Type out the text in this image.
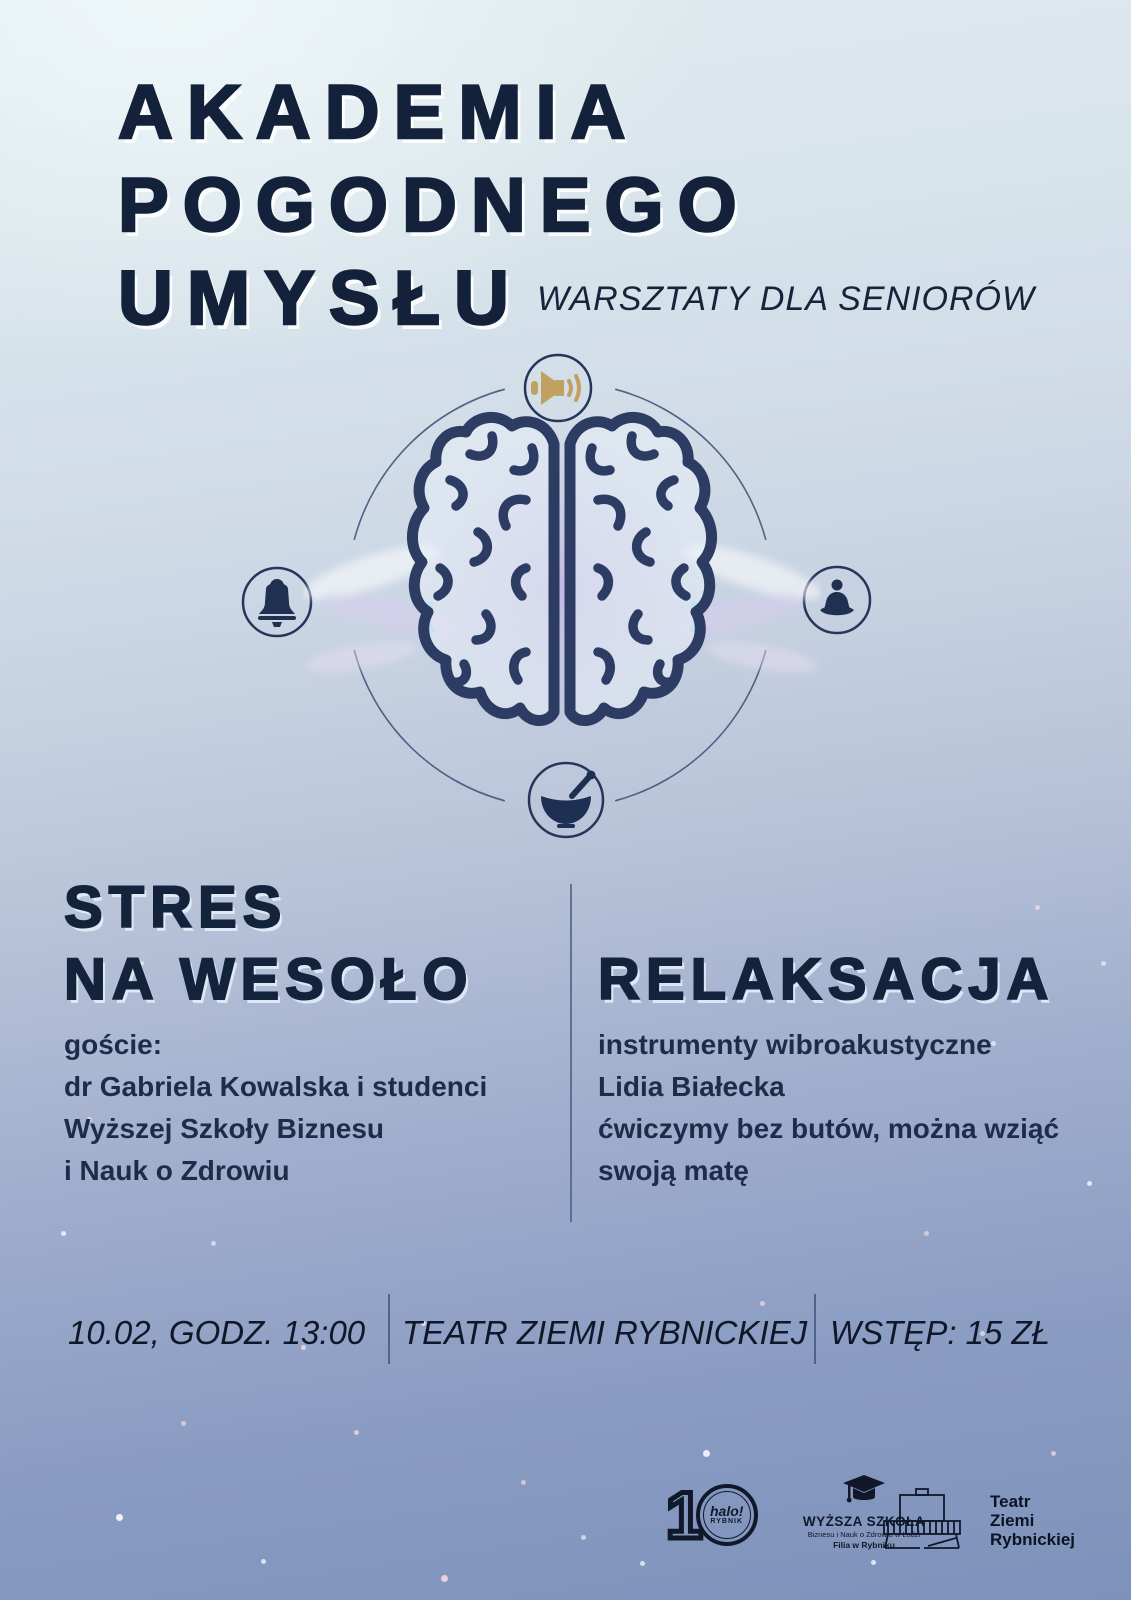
AKADEMIA
POGODNEGO
UMYSŁU WARSZTATY DLA SENIORÓW
STRES
NA WESOŁO
goście:
dr Gabriela Kowalska i studenci
Wyższej Szkoły Biznesu
i Nauk o Zdrowiu
RELAKSACJA
instrumenty wibroakustyczne
Lidia Białecka
ćwiczymy bez butów, można wziąć
swoją matę
10.02, GODZ. 13:00 TEATR ZIEMI RYBNICKIEJ WSTĘP: 15 ZŁ
1 halo!
RYBNIK	WYŻSZA SZKOŁA
Biznesu i Nauk o Zdrowiu w Łodzi
Filia w Rybniku
Teatr
Ziemi
Rybnickiej
